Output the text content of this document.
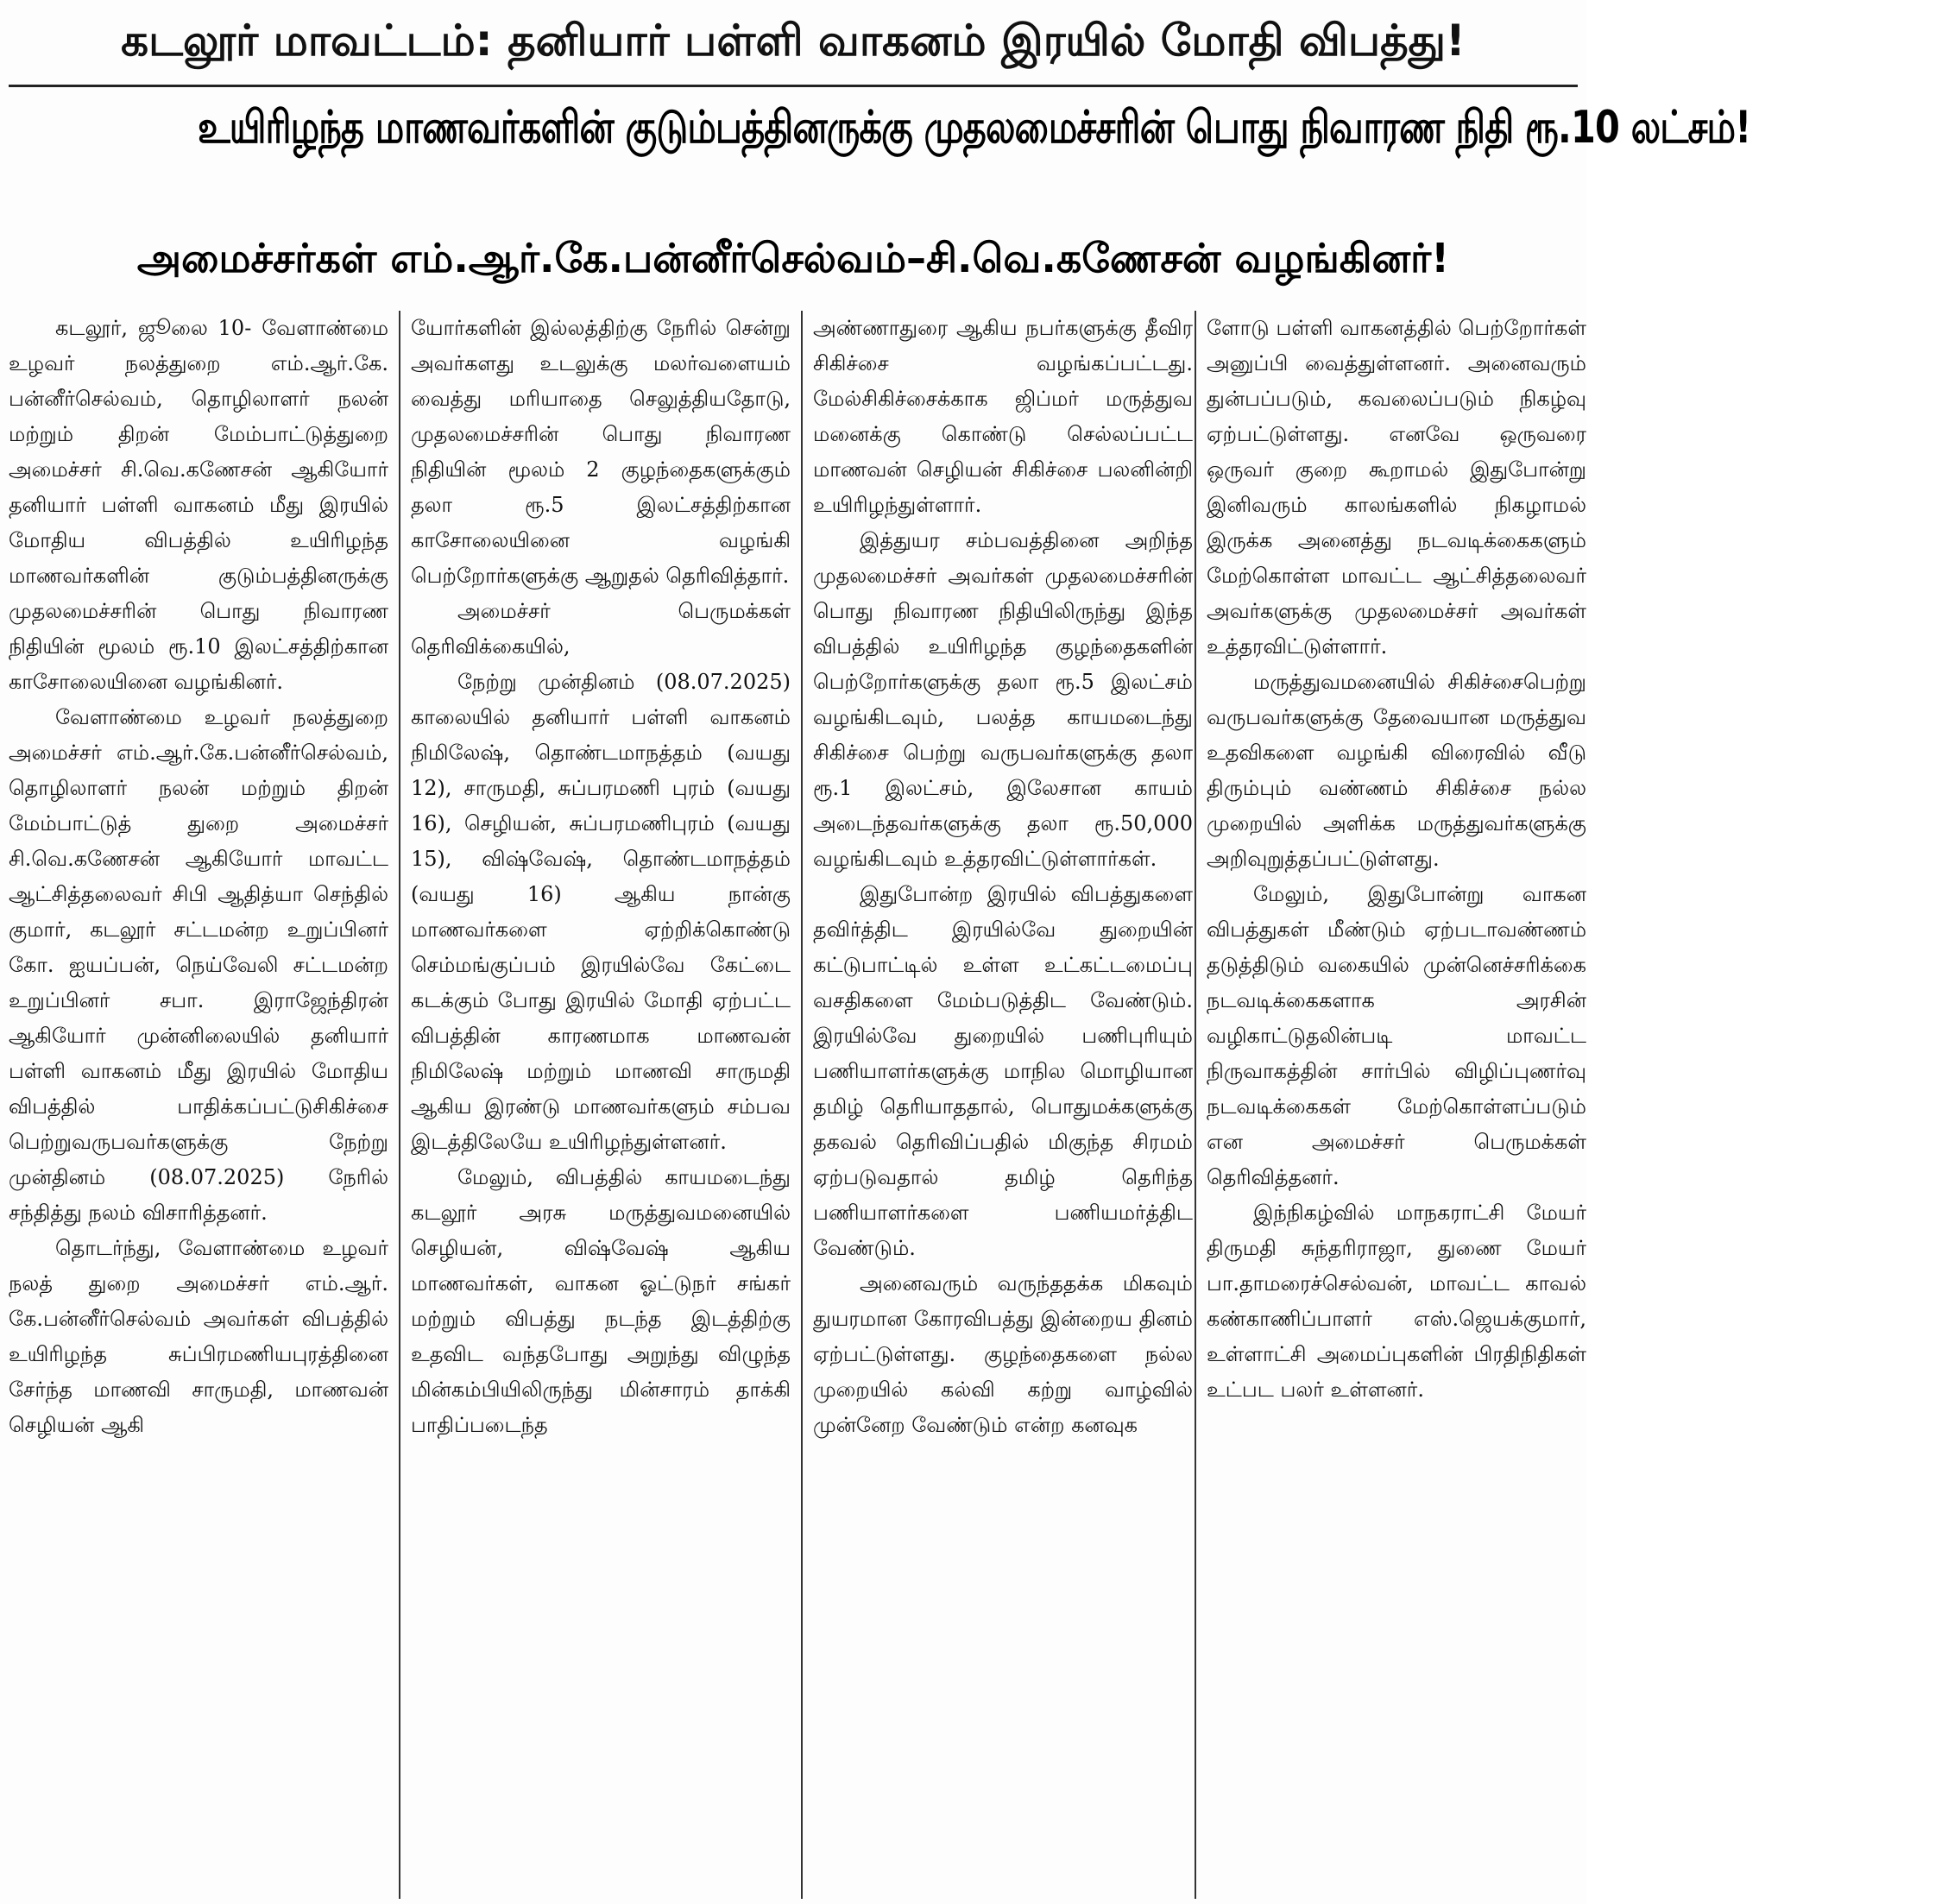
கடலூர் மாவட்டம்: தனியார் பள்ளி வாகனம் இரயில் மோதி விபத்து!
உயிரிழந்த மாணவர்களின் குடும்பத்தினருக்கு முதலமைச்சரின் பொது நிவாரண நிதி ரூ.10 லட்சம்!
அமைச்சர்கள் எம்.ஆர்.கே.பன்னீர்செல்வம்–சி.வெ.கணேசன் வழங்கினர்!

கடலூர், ஜூலை 10- வேளாண்மை உழவர் நலத்துறை எம்.ஆர்.கே. பன்னீர்செல்வம், தொழிலாளர் நலன் மற்றும் திறன் மேம்பாட்டுத்துறை அமைச்சர் சி.வெ.கணேசன் ஆகியோர் தனியார் பள்ளி வாகனம் மீது இரயில் மோதிய விபத்தில் உயிரிழந்த மாணவர்களின் குடும்பத்தினருக்கு முதலமைச்சரின் பொது நிவாரண நிதியின் மூலம் ரூ.10 இலட்சத்திற்கான காசோலையினை வழங்கினர்.

வேளாண்மை உழவர் நலத்துறை அமைச்சர் எம்.ஆர்.கே.பன்னீர்செல்வம், தொழிலாளர் நலன் மற்றும் திறன் மேம்பாட்டுத் துறை அமைச்சர் சி.வெ.கணேசன் ஆகியோர் மாவட்ட ஆட்சித்தலைவர் சிபி ஆதித்யா செந்தில் குமார், கடலூர் சட்டமன்ற உறுப்பினர் கோ. ஐயப்பன், நெய்வேலி சட்டமன்ற உறுப்பினர் சபா. இராஜேந்திரன் ஆகியோர் முன்னிலையில் தனியார் பள்ளி வாகனம் மீது இரயில் மோதிய விபத்தில் பாதிக்கப்பட்டுசிகிச்சை பெற்றுவருபவர்களுக்கு நேற்று முன்தினம் (08.07.2025) நேரில் சந்தித்து நலம் விசாரித்தனர்.

தொடர்ந்து, வேளாண்மை உழவர் நலத் துறை அமைச்சர் எம்.ஆர். கே.பன்னீர்செல்வம் அவர்கள் விபத்தில் உயிரிழந்த சுப்பிரமணியபுரத்தினை சேர்ந்த மாணவி சாருமதி, மாணவன் செழியன் ஆகி

யோர்களின் இல்லத்திற்கு நேரில் சென்று அவர்களது உடலுக்கு மலர்வளையம் வைத்து மரியாதை செலுத்தியதோடு, முதலமைச்சரின் பொது நிவாரண நிதியின் மூலம் 2 குழந்தைகளுக்கும் தலா ரூ.5 இலட்சத்திற்கான காசோலையினை வழங்கி பெற்றோர்களுக்கு ஆறுதல் தெரிவித்தார்.

அமைச்சர் பெருமக்கள் தெரிவிக்கையில்,

நேற்று முன்தினம் (08.07.2025) காலையில் தனியார் பள்ளி வாகனம் நிமிலேஷ், தொண்டமாநத்தம் (வயது 12), சாருமதி, சுப்பரமணி புரம் (வயது 16), செழியன், சுப்பரமணிபுரம் (வயது 15), விஷ்வேஷ், தொண்டமாநத்தம் (வயது 16) ஆகிய நான்கு மாணவர்களை ஏற்றிக்கொண்டு செம்மங்குப்பம் இரயில்வே கேட்டை கடக்கும் போது இரயில் மோதி ஏற்பட்ட விபத்தின் காரணமாக மாணவன் நிமிலேஷ் மற்றும் மாணவி சாருமதி ஆகிய இரண்டு மாணவர்களும் சம்பவ இடத்திலேயே உயிரிழந்துள்ளனர்.

மேலும், விபத்தில் காயமடைந்து கடலூர் அரசு மருத்துவமனையில் செழியன், விஷ்வேஷ் ஆகிய மாணவர்கள், வாகன ஓட்டுநர் சங்கர் மற்றும் விபத்து நடந்த இடத்திற்கு உதவிட வந்தபோது அறுந்து விழுந்த மின்கம்பியிலிருந்து மின்சாரம் தாக்கி பாதிப்படைந்த

அண்ணாதுரை ஆகிய நபர்களுக்கு தீவிர சிகிச்சை வழங்கப்பட்டது. மேல்சிகிச்சைக்காக ஜிப்மர் மருத்துவ மனைக்கு கொண்டு செல்லப்பட்ட மாணவன் செழியன் சிகிச்சை பலனின்றி உயிரிழந்துள்ளார்.

இத்துயர சம்பவத்தினை அறிந்த முதலமைச்சர் அவர்கள் முதலமைச்சரின் பொது நிவாரண நிதியிலிருந்து இந்த விபத்தில் உயிரிழந்த குழந்தைகளின் பெற்றோர்களுக்கு தலா ரூ.5 இலட்சம் வழங்கிடவும், பலத்த காயமடைந்து சிகிச்சை பெற்று வருபவர்களுக்கு தலா ரூ.1 இலட்சம், இலேசான காயம் அடைந்தவர்களுக்கு தலா ரூ.50,000 வழங்கிடவும் உத்தரவிட்டுள்ளார்கள்.

இதுபோன்ற இரயில் விபத்துகளை தவிர்த்திட இரயில்வே துறையின் கட்டுபாட்டில் உள்ள உட்கட்டமைப்பு வசதிகளை மேம்படுத்திட வேண்டும். இரயில்வே துறையில் பணிபுரியும் பணியாளர்களுக்கு மாநில மொழியான தமிழ் தெரியாததால், பொதுமக்களுக்கு தகவல் தெரிவிப்பதில் மிகுந்த சிரமம் ஏற்படுவதால் தமிழ் தெரிந்த பணியாளர்களை பணியமர்த்திட வேண்டும்.

அனைவரும் வருந்ததக்க மிகவும் துயரமான கோரவிபத்து இன்றைய தினம் ஏற்பட்டுள்ளது. குழந்தைகளை நல்ல முறையில் கல்வி கற்று வாழ்வில் முன்னேற வேண்டும் என்ற கனவுக

ளோடு பள்ளி வாகனத்தில் பெற்றோர்கள் அனுப்பி வைத்துள்ளனர். அனைவரும் துன்பப்படும், கவலைப்படும் நிகழ்வு ஏற்பட்டுள்ளது. எனவே ஒருவரை ஒருவர் குறை கூறாமல் இதுபோன்று இனிவரும் காலங்களில் நிகழாமல் இருக்க அனைத்து நடவடிக்கைகளும் மேற்கொள்ள மாவட்ட ஆட்சித்தலைவர் அவர்களுக்கு முதலமைச்சர் அவர்கள் உத்தரவிட்டுள்ளார்.

மருத்துவமனையில் சிகிச்சைபெற்று வருபவர்களுக்கு தேவையான மருத்துவ உதவிகளை வழங்கி விரைவில் வீடு திரும்பும் வண்ணம் சிகிச்சை நல்ல முறையில் அளிக்க மருத்துவர்களுக்கு அறிவுறுத்தப்பட்டுள்ளது.

மேலும், இதுபோன்று வாகன விபத்துகள் மீண்டும் ஏற்படாவண்ணம் தடுத்திடும் வகையில் முன்னெச்சரிக்கை நடவடிக்கைகளாக அரசின் வழிகாட்டுதலின்படி மாவட்ட நிருவாகத்தின் சார்பில் விழிப்புணர்வு நடவடிக்கைகள் மேற்கொள்ளப்படும் என அமைச்சர் பெருமக்கள் தெரிவித்தனர்.

இந்நிகழ்வில் மாநகராட்சி மேயர் திருமதி சுந்தரிராஜா, துணை மேயர் பா.தாமரைச்செல்வன், மாவட்ட காவல் கண்காணிப்பாளர் எஸ்.ஜெயக்குமார், உள்ளாட்சி அமைப்புகளின் பிரதிநிதிகள் உட்பட பலர் உள்ளனர்.
